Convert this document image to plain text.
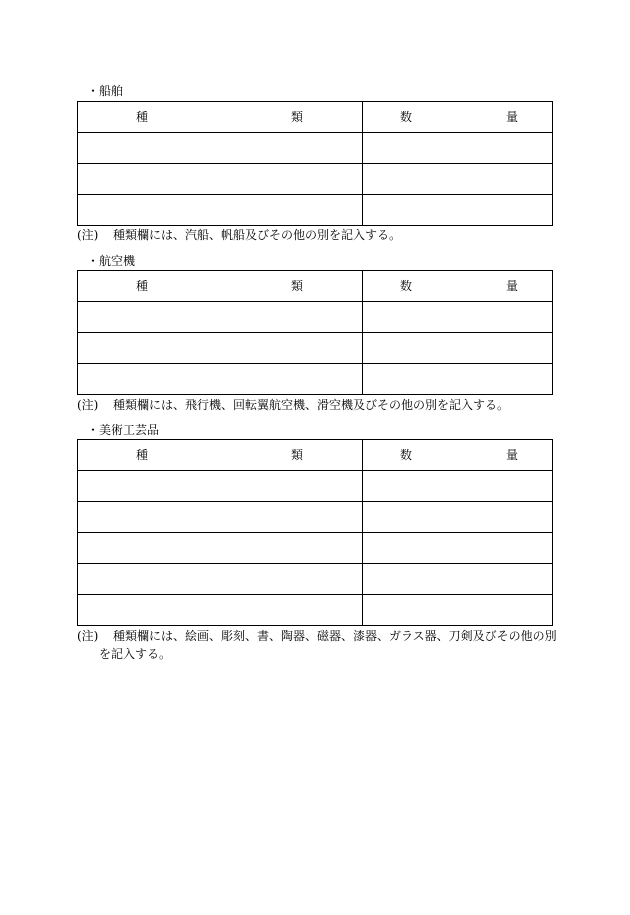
・船舶
種 類	数 量

(注) 種類欄には、汽船、帆船及びその他の別を記入する。
・航空機
種 類	数 量

(注) 種類欄には、飛行機、回転翼航空機、滑空機及びその他の別を記入する。
・美術工芸品
種 類	数 量

(注) 種類欄には、絵画、彫刻、書、陶器、磁器、漆器、ガラス器、刀剣及びその他の別
を記入する。
